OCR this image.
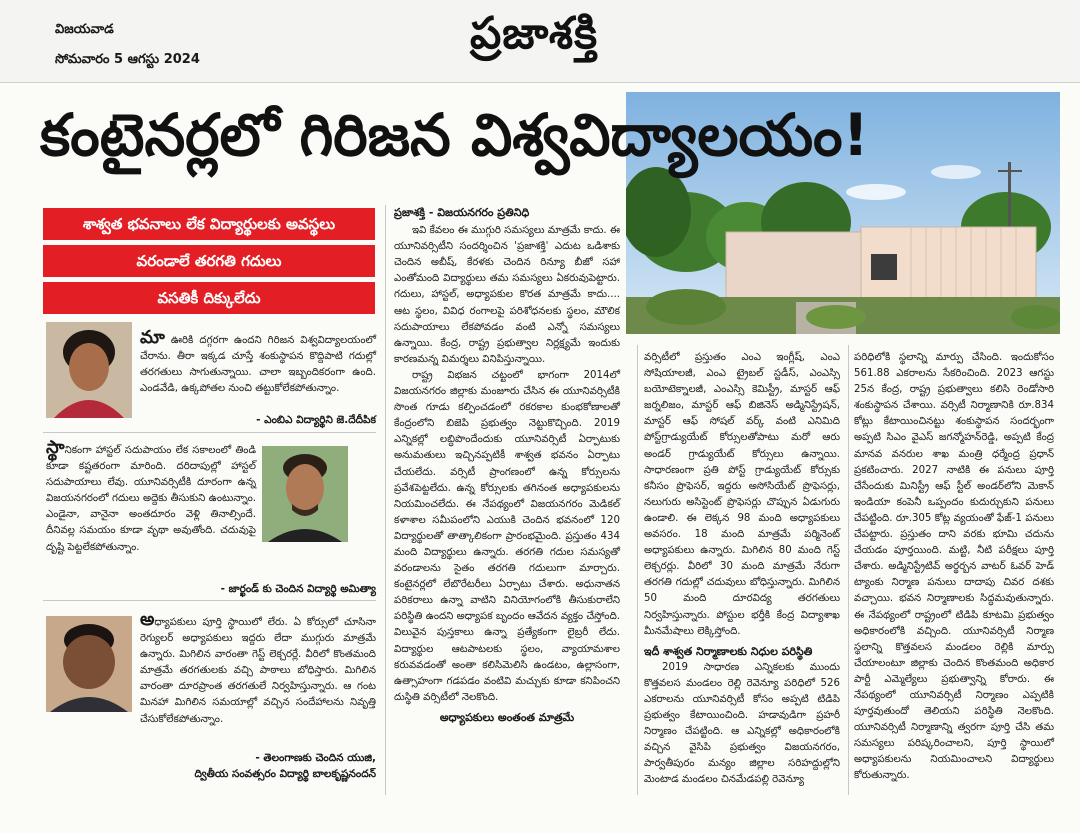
విజయవాడ
సోమవారం 5 ఆగస్టు 2024
ప్రజాశక్తి
కంటైనర్లలో గిరిజన విశ్వవిద్యాలయం!
శాశ్వత భవనాలు లేక విద్యార్థులకు అవస్థలు
వరండాలే తరగతి గదులు
వసతికీ దిక్కులేదు

మా ఊరికి దగ్గరగా ఉందని గిరిజన విశ్వవిద్యాలయంలో చేరాను. తీరా ఇక్కడ చూస్తే శంకుస్థాపన కొద్దిపాటి గదుల్లో తరగతులు సాగుతున్నాయి. చాలా ఇబ్బందికరంగా ఉంది. ఎండవేడి, ఉక్కపోతల నుంచి తట్టుకోలేకపోతున్నాం.

- ఎంబిఎ విద్యార్థిని జె.దేదీపిక

స్థానికంగా హాస్టల్ సదుపాయం లేక సకాలంలో తిండి కూడా కష్టతరంగా మారింది. దరిదాపుల్లో హాస్టల్ సదుపాయాలు లేవు. యూనివర్సిటీకి దూరంగా ఉన్న విజయనగరంలో గదులు అద్దెకు తీసుకుని ఉంటున్నాం. ఎండైనా, వానైనా అంతదూరం వెళ్లి తినాల్సిందే. దీనివల్ల సమయం కూడా వృథా అవుతోంది. చదువుపై దృష్టి పెట్టలేకపోతున్నాం.

- జార్ఖండ్ కు చెందిన విద్యార్థి అమిత్యా

అధ్యాపకులు పూర్తి స్థాయిలో లేరు. ఏ కోర్సులో చూసినా రెగ్యులర్ అధ్యాపకులు ఇద్దరు లేదా ముగ్గురు మాత్రమే ఉన్నారు. మిగిలిన వారంతా గెస్ట్ లెక్చరర్లే. వీరిలో కొంతమంది మాత్రమే తరగతులకు వచ్చి పాఠాలు బోధిస్తారు. మిగిలిన వారంతా దూరప్రాంత తరగతులే నిర్వహిస్తున్నారు. ఆ గంట మినహా మిగిలిన సమయాల్లో వచ్చిన సందేహాలను నివృత్తి చేసుకోలేకపోతున్నాం.

- తెలంగాణకు చెందిన యుజి,
ద్వితీయ సంవత్సరం విద్యార్థి బాలకృష్ణనందన్

ప్రజాశక్తి - విజయనగరం ప్రతినిధి

ఇవి కేవలం ఈ ముగ్గురి సమస్యలు మాత్రమే కాదు. ఈ యూనివర్సిటీని సందర్శించిన 'ప్రజాశక్తి' ఎదుట ఒడిశాకు చెందిన అబీష్, కేరళకు చెందిన రిన్యూ బీజో సహా ఎంతోమంది విద్యార్థులు తమ సమస్యలు ఏకరువుపెట్టారు. గదులు, హాస్టల్, అధ్యాపకుల కొరత మాత్రమే కాదు.... ఆట స్థలం, వివిధ రంగాలపై పరిశోధనలకు స్థలం, మౌలిక సదుపాయాలు లేకపోవడం వంటి ఎన్నో సమస్యలు ఉన్నాయి. కేంద్ర, రాష్ట్ర ప్రభుత్వాల నిర్లక్ష్యమే ఇందుకు కారణమన్న విమర్శలు వినిపిస్తున్నాయి.

రాష్ట్ర విభజన చట్టంలో భాగంగా 2014లో విజయనగరం జిల్లాకు మంజూరు చేసిన ఈ యూనివర్సిటీకి సొంత గూడు కల్పించడంలో రకరకాల కుంభకోణాలతో కేంద్రంలోని బిజెపి ప్రభుత్వం నెట్టుకొచ్చింది. 2019 ఎన్నికల్లో లబ్ధిపొందేందుకు యూనివర్సిటీ ఏర్పాటుకు అనుమతులు ఇచ్చినప్పటికీ శాశ్వత భవనం ఏర్పాటు చేయలేదు. వర్సిటీ ప్రాంగణంలో ఉన్న కోర్సులను ప్రవేశపెట్టలేదు. ఉన్న కోర్సులకు తగినంత అధ్యాపకులను నియమించలేదు. ఈ నేపథ్యంలో విజయనగరం మెడికల్ కళాశాల సమీపంలోని ఎయుకి చెందిన భవనంలో 120 విద్యార్థులతో తాత్కాలికంగా ప్రారంభమైంది. ప్రస్తుతం 434 మంది విద్యార్థులు ఉన్నారు. తరగతి గదుల సమస్యతో వరండాలను సైతం తరగతి గదులుగా మార్చారు. కంటైనర్లలో లేబొరేటరీలు ఏర్పాటు చేశారు. అధునాతన పరికరాలు ఉన్నా వాటిని వినియోగంలోకి తీసుకురాలేని పరిస్థితి ఉందని అధ్యాపక బృందం ఆవేదన వ్యక్తం చేస్తోంది. విలువైన పుస్తకాలు ఉన్నా ప్రత్యేకంగా లైబ్రరీ లేదు. విద్యార్థుల ఆటపాటలకు స్థలం, వ్యాయామశాల కరువవడంతో అంతా కలిసిమెలిసి ఉండటం, ఉల్లాసంగా, ఉత్సాహంగా గడపడం వంటివి మచ్చుకు కూడా కనిపించని దుస్థితి వర్సిటీలో నెలకొంది.

అధ్యాపకులు అంతంత మాత్రమే

వర్సిటీలో ప్రస్తుతం ఎంఎ ఇంగ్లీష్, ఎంఎ సోషియాలజీ, ఎంఎ ట్రైబల్ స్టడీస్, ఎంఎస్సి బయోటెక్నాలజీ, ఎంఎస్సి కెమిస్ట్రీ, మాస్టర్ ఆఫ్ జర్నలిజం, మాస్టర్ ఆఫ్ బిజినెస్ అడ్మినిస్ట్రేషన్, మాస్టర్ ఆఫ్ సోషల్ వర్క్ వంటి ఎనిమిది పోస్ట్‌గ్రాడ్యుయేట్ కోర్సులతోపాటు మరో ఆరు అండర్ గ్రాడ్యుయేట్ కోర్సులు ఉన్నాయి. సాధారణంగా ప్రతి పోస్ట్ గ్రాడ్యుయేట్ కోర్సుకు కనీసం ప్రొఫెసర్, ఇద్దరు అసోసియేట్ ప్రొఫెసర్లు, నలుగురు అసిస్టెంట్ ప్రొఫెసర్లు చొప్పున ఏడుగురు ఉండాలి. ఈ లెక్కన 98 మంది అధ్యాపకులు అవసరం. 18 మంది మాత్రమే పర్మినెంట్ అధ్యాపకులు ఉన్నారు. మిగిలిన 80 మంది గెస్ట్ లెక్చరర్లు. వీరిలో 30 మంది మాత్రమే నేరుగా తరగతి గదుల్లో చదువులు బోధిస్తున్నారు. మిగిలిన 50 మంది దూరవిద్య తరగతులు నిర్వహిస్తున్నారు. పోస్టుల భర్తీకి కేంద్ర విద్యాశాఖ మీనమేషాలు లెక్కిస్తోంది.

ఇదీ శాశ్వత నిర్మాణాలకు నిధుల పరిస్థితి

2019 సాధారణ ఎన్నికలకు ముందు కొత్తవలస మండలం రెల్లి రెవెన్యూ పరిధిలో 526 ఎకరాలను యూనివర్సిటీ కోసం అప్పటి టిడిపి ప్రభుత్వం కేటాయించింది. హడావుడిగా ప్రహరీ నిర్మాణం చేపట్టింది. ఆ ఎన్నికల్లో అధికారంలోకి వచ్చిన వైసిపి ప్రభుత్వం విజయనగరం, పార్వతీపురం మన్యం జిల్లాల సరిహద్దుల్లోని మెంటాడ మండలం చినమేడపల్లి రెవెన్యూ

పరిధిలోకి స్థలాన్ని మార్పు చేసింది. ఇందుకోసం 561.88 ఎకరాలను సేకరించింది. 2023 ఆగస్టు 25న కేంద్ర, రాష్ట్ర ప్రభుత్వాలు కలిసి రెండోసారి శంకుస్థాపన చేశాయి. వర్సిటీ నిర్మాణానికి రూ.834 కోట్లు కేటాయించినట్టు శంకుస్థాపన సందర్భంగా అప్పటి సిఎం వైఎస్ జగన్మోహన్‌రెడ్డి, అప్పటి కేంద్ర మానవ వనరుల శాఖ మంత్రి ధర్మేంద్ర ప్రధాన్ ప్రకటించారు. 2027 నాటికి ఈ పనులు పూర్తి చేసేందుకు మినిస్ట్రీ ఆఫ్ స్టీల్ అండర్‌లోని మెకాన్ ఇండియా కంపెనీ ఒప్పందం కుదుర్చుకుని పనులు చేపట్టింది. రూ.305 కోట్ల వ్యయంతో ఫేజ్-1 పనులు చేపట్టారు. ప్రస్తుతం దాని వరకు భూమి చదును చేయడం పూర్తయింది. మట్టి, నీటి పరీక్షలు పూర్తి చేశారు. అడ్మినిస్ట్రేటివ్ అర్థర్బన వాటర్ ఓవర్ హెడ్ ట్యాంకు నిర్మాణ పనులు దాదాపు చివర దశకు వచ్చాయి. భవన నిర్మాణాలకు సిద్ధమవుతున్నారు. ఈ నేపథ్యంలో రాష్ట్రంలో టిడిపి కూటమి ప్రభుత్వం అధికారంలోకి వచ్చింది. యూనివర్సిటీ నిర్మాణ స్థలాన్ని కొత్తవలస మండలం రెల్లికి మార్పు చేయాలంటూ జిల్లాకు చెందిన కొంతమంది అధికార పార్టీ ఎమ్మెల్యేలు ప్రభుత్వాన్ని కోరారు. ఈ నేపథ్యంలో యూనివర్సిటీ నిర్మాణం ఎప్పటికి పూర్తవుతుందో తెలియని పరిస్థితి నెలకొంది. యూనివర్సిటీ నిర్మాణాన్ని త్వరగా పూర్తి చేసి తమ సమస్యలు పరిష్కరించాలని, పూర్తి స్థాయిలో అధ్యాపకులను నియమించాలని విద్యార్థులు కోరుతున్నారు.
